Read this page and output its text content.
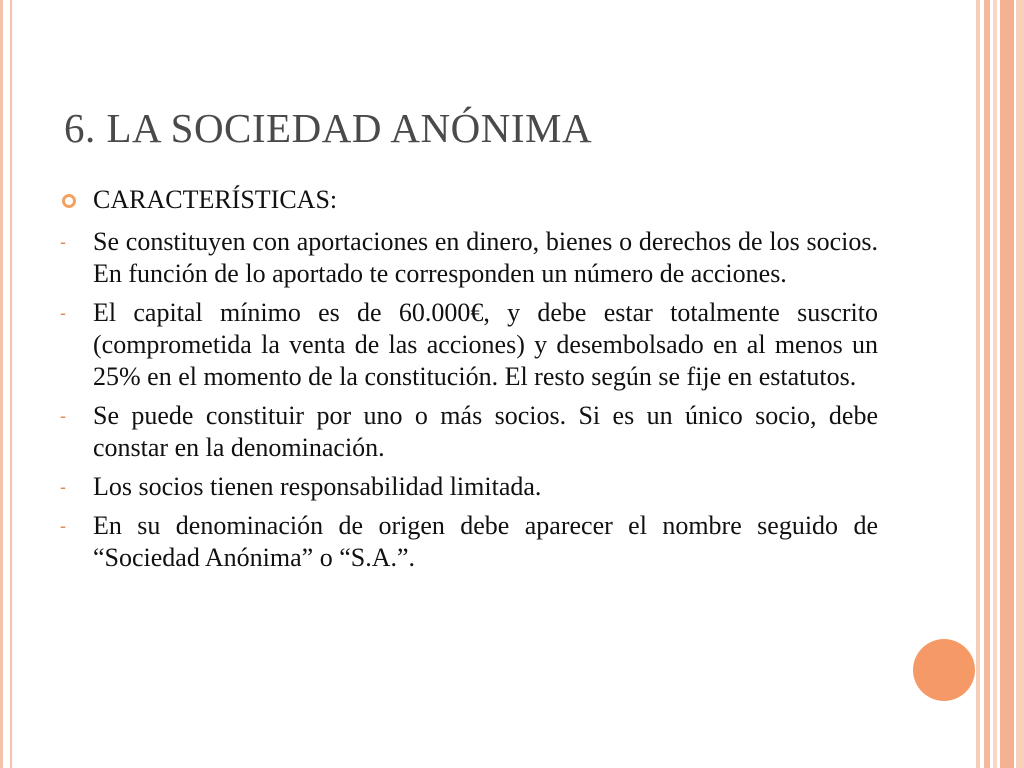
6. LA SOCIEDAD ANÓNIMA
CARACTERÍSTICAS:
- Se constituyen con aportaciones en dinero, bienes o derechos de los socios. En función de lo aportado te corresponden un número de acciones.
- El capital mínimo es de 60.000€, y debe estar totalmente suscrito (comprometida la venta de las acciones) y desembolsado en al menos un 25% en el momento de la constitución. El resto según se fije en estatutos.
- Se puede constituir por uno o más socios. Si es un único socio, debe constar en la denominación.
- Los socios tienen responsabilidad limitada.
- En su denominación de origen debe aparecer el nombre seguido de “Sociedad Anónima” o “S.A.”.
